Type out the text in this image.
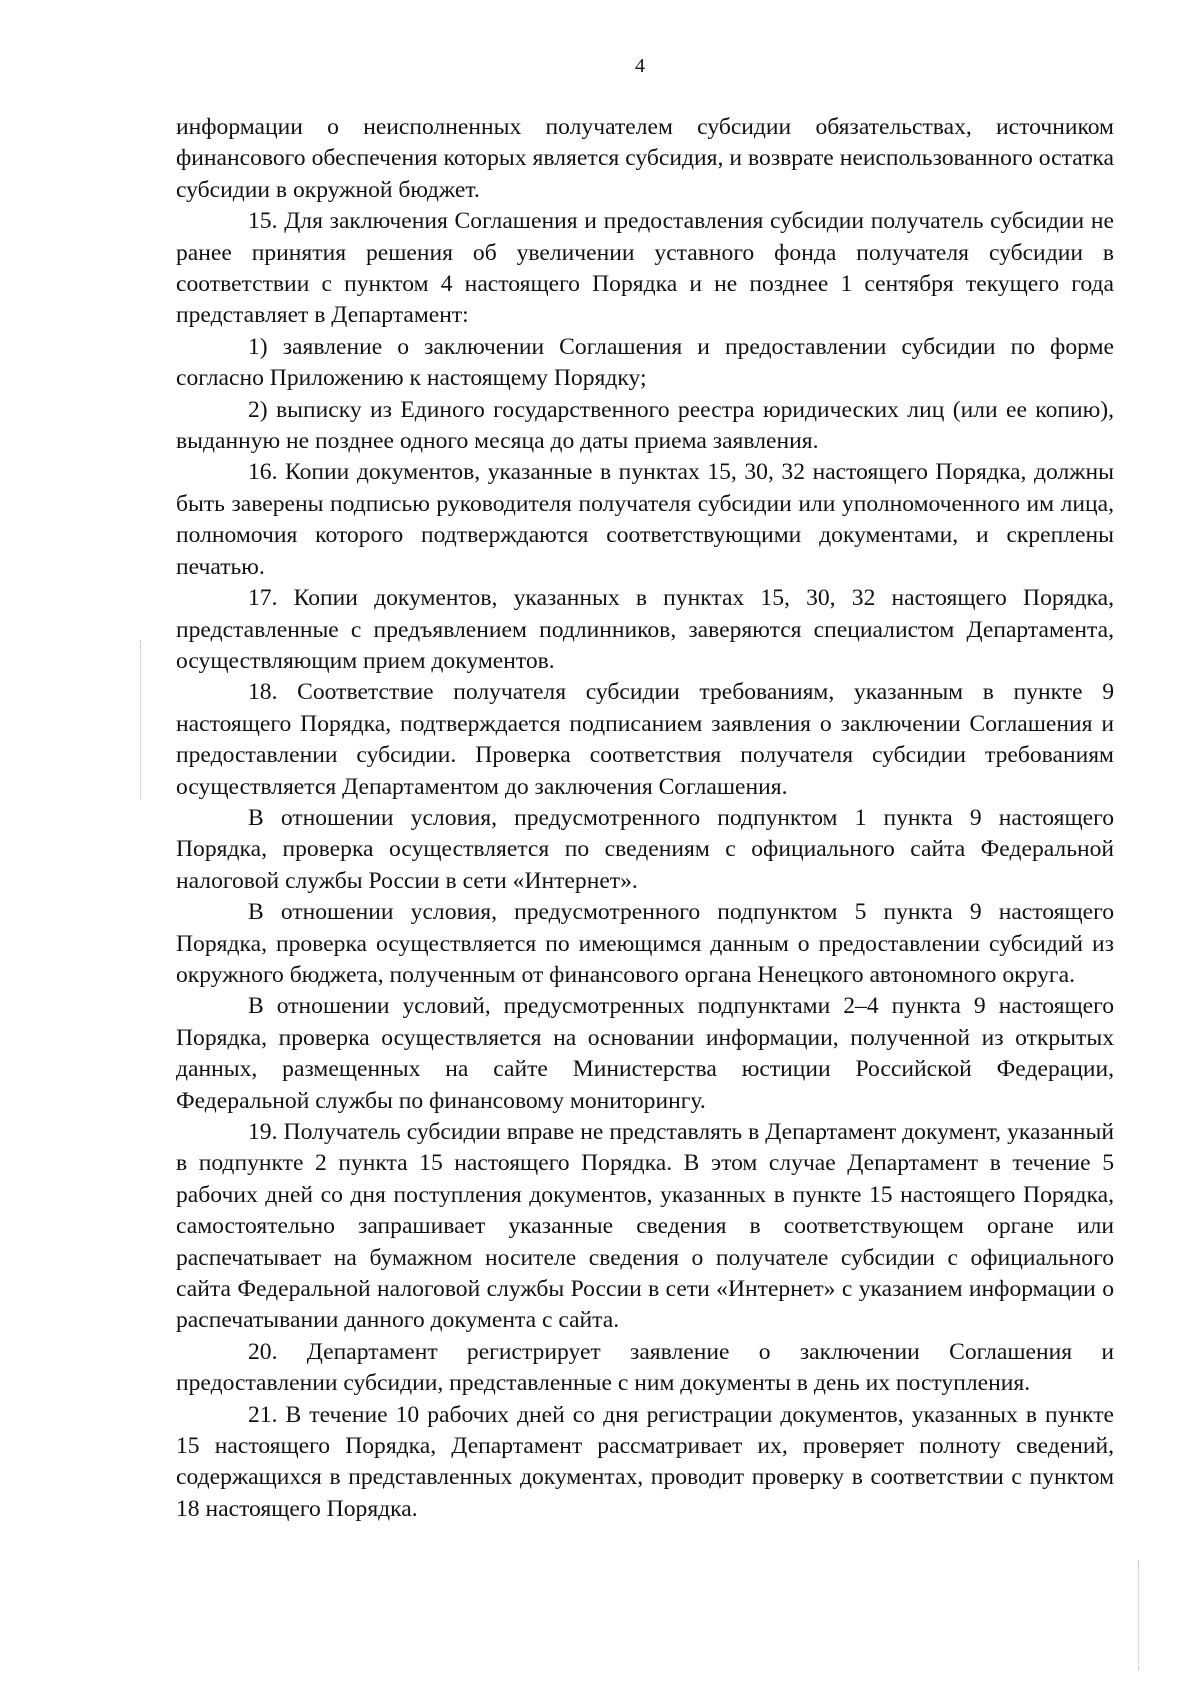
4

информации о неисполненных получателем субсидии обязательствах, источником финансового обеспечения которых является субсидия, и возврате неиспользованного остатка субсидии в окружной бюджет.

15. Для заключения Соглашения и предоставления субсидии получатель субсидии не ранее принятия решения об увеличении уставного фонда получателя субсидии в соответствии с пунктом 4 настоящего Порядка и не позднее 1 сентября текущего года представляет в Департамент:

1) заявление о заключении Соглашения и предоставлении субсидии по форме согласно Приложению к настоящему Порядку;

2) выписку из Единого государственного реестра юридических лиц (или ее копию), выданную не позднее одного месяца до даты приема заявления.

16. Копии документов, указанные в пунктах 15, 30, 32 настоящего Порядка, должны быть заверены подписью руководителя получателя субсидии или уполномоченного им лица, полномочия которого подтверждаются соответствующими документами, и скреплены печатью.

17. Копии документов, указанных в пунктах 15, 30, 32 настоящего Порядка, представленные с предъявлением подлинников, заверяются специалистом Департамента, осуществляющим прием документов.

18. Соответствие получателя субсидии требованиям, указанным в пункте 9 настоящего Порядка, подтверждается подписанием заявления о заключении Соглашения и предоставлении субсидии. Проверка соответствия получателя субсидии требованиям осуществляется Департаментом до заключения Соглашения.

В отношении условия, предусмотренного подпунктом 1 пункта 9 настоящего Порядка, проверка осуществляется по сведениям с официального сайта Федеральной налоговой службы России в сети «Интернет».

В отношении условия, предусмотренного подпунктом 5 пункта 9 настоящего Порядка, проверка осуществляется по имеющимся данным о предоставлении субсидий из окружного бюджета, полученным от финансового органа Ненецкого автономного округа.

В отношении условий, предусмотренных подпунктами 2–4 пункта 9 настоящего Порядка, проверка осуществляется на основании информации, полученной из открытых данных, размещенных на сайте Министерства юстиции Российской Федерации, Федеральной службы по финансовому мониторингу.

19. Получатель субсидии вправе не представлять в Департамент документ, указанный в подпункте 2 пункта 15 настоящего Порядка. В этом случае Департамент в течение 5 рабочих дней со дня поступления документов, указанных в пункте 15 настоящего Порядка, самостоятельно запрашивает указанные сведения в соответствующем органе или распечатывает на бумажном носителе сведения о получателе субсидии с официального сайта Федеральной налоговой службы России в сети «Интернет» с указанием информации о распечатывании данного документа с сайта.

20. Департамент регистрирует заявление о заключении Соглашения и предоставлении субсидии, представленные с ним документы в день их поступления.

21. В течение 10 рабочих дней со дня регистрации документов, указанных в пункте 15 настоящего Порядка, Департамент рассматривает их, проверяет полноту сведений, содержащихся в представленных документах, проводит проверку в соответствии с пунктом 18 настоящего Порядка.
